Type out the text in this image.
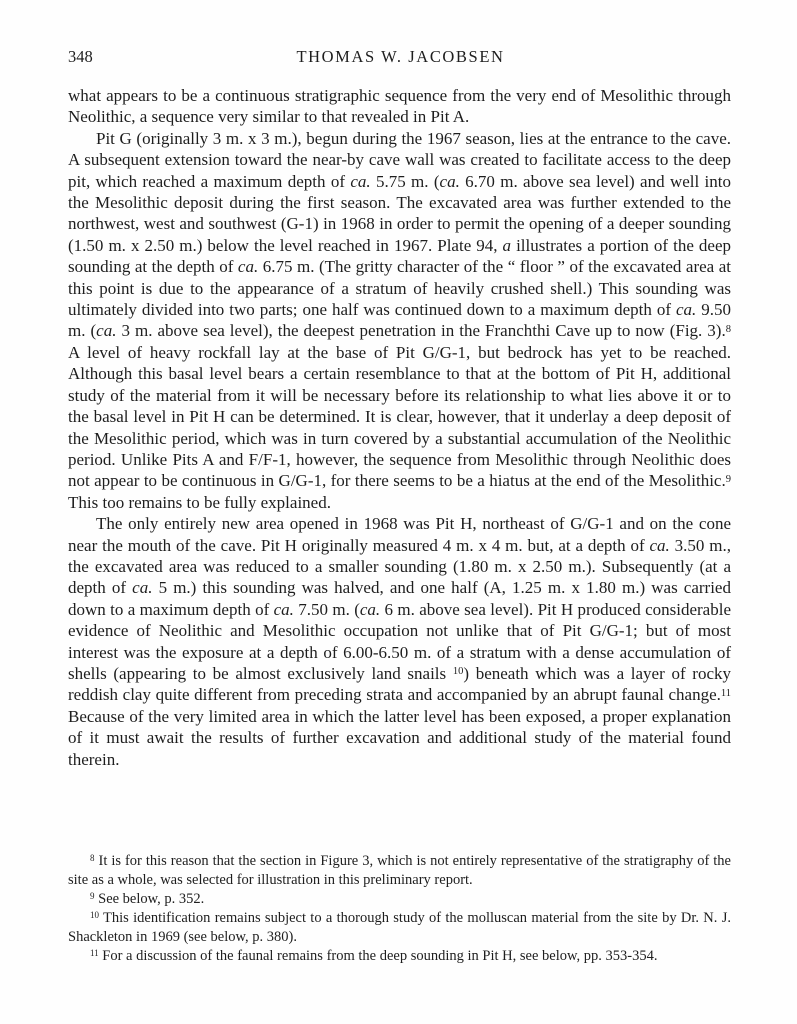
348	THOMAS W. JACOBSEN

what appears to be a continuous stratigraphic sequence from the very end of Mesolithic through Neolithic, a sequence very similar to that revealed in Pit A.

Pit G (originally 3 m. x 3 m.), begun during the 1967 season, lies at the entrance to the cave. A subsequent extension toward the near-by cave wall was created to facilitate access to the deep pit, which reached a maximum depth of ca. 5.75 m. (ca. 6.70 m. above sea level) and well into the Mesolithic deposit during the first season. The excavated area was further extended to the northwest, west and southwest (G-1) in 1968 in order to permit the opening of a deeper sounding (1.50 m. x 2.50 m.) below the level reached in 1967. Plate 94, a illustrates a portion of the deep sounding at the depth of ca. 6.75 m. (The gritty character of the “ floor ” of the excavated area at this point is due to the appearance of a stratum of heavily crushed shell.) This sounding was ultimately divided into two parts; one half was continued down to a maximum depth of ca. 9.50 m. (ca. 3 m. above sea level), the deepest penetration in the Franchthi Cave up to now (Fig. 3).$^8$ A level of heavy rockfall lay at the base of Pit G/G-1, but bedrock has yet to be reached. Although this basal level bears a certain resemblance to that at the bottom of Pit H, additional study of the material from it will be necessary before its relationship to what lies above it or to the basal level in Pit H can be determined. It is clear, however, that it underlay a deep deposit of the Mesolithic period, which was in turn covered by a substantial accumulation of the Neolithic period. Unlike Pits A and F/F-1, however, the sequence from Mesolithic through Neolithic does not appear to be continuous in G/G-1, for there seems to be a hiatus at the end of the Mesolithic.$^9$ This too remains to be fully explained.

The only entirely new area opened in 1968 was Pit H, northeast of G/G-1 and on the cone near the mouth of the cave. Pit H originally measured 4 m. x 4 m. but, at a depth of ca. 3.50 m., the excavated area was reduced to a smaller sounding (1.80 m. x 2.50 m.). Subsequently (at a depth of ca. 5 m.) this sounding was halved, and one half (A, 1.25 m. x 1.80 m.) was carried down to a maximum depth of ca. 7.50 m. (ca. 6 m. above sea level). Pit H produced considerable evidence of Neolithic and Mesolithic occupation not unlike that of Pit G/G-1; but of most interest was the exposure at a depth of 6.00-6.50 m. of a stratum with a dense accumulation of shells (appearing to be almost exclusively land snails $^{10}$) beneath which was a layer of rocky reddish clay quite different from preceding strata and accompanied by an abrupt faunal change.$^{11}$ Because of the very limited area in which the latter level has been exposed, a proper explanation of it must await the results of further excavation and additional study of the material found therein.

$^8$ It is for this reason that the section in Figure 3, which is not entirely representative of the stratigraphy of the site as a whole, was selected for illustration in this preliminary report.

$^9$ See below, p. 352.

$^{10}$ This identification remains subject to a thorough study of the molluscan material from the site by Dr. N. J. Shackleton in 1969 (see below, p. 380).

$^{11}$ For a discussion of the faunal remains from the deep sounding in Pit H, see below, pp. 353-354.
